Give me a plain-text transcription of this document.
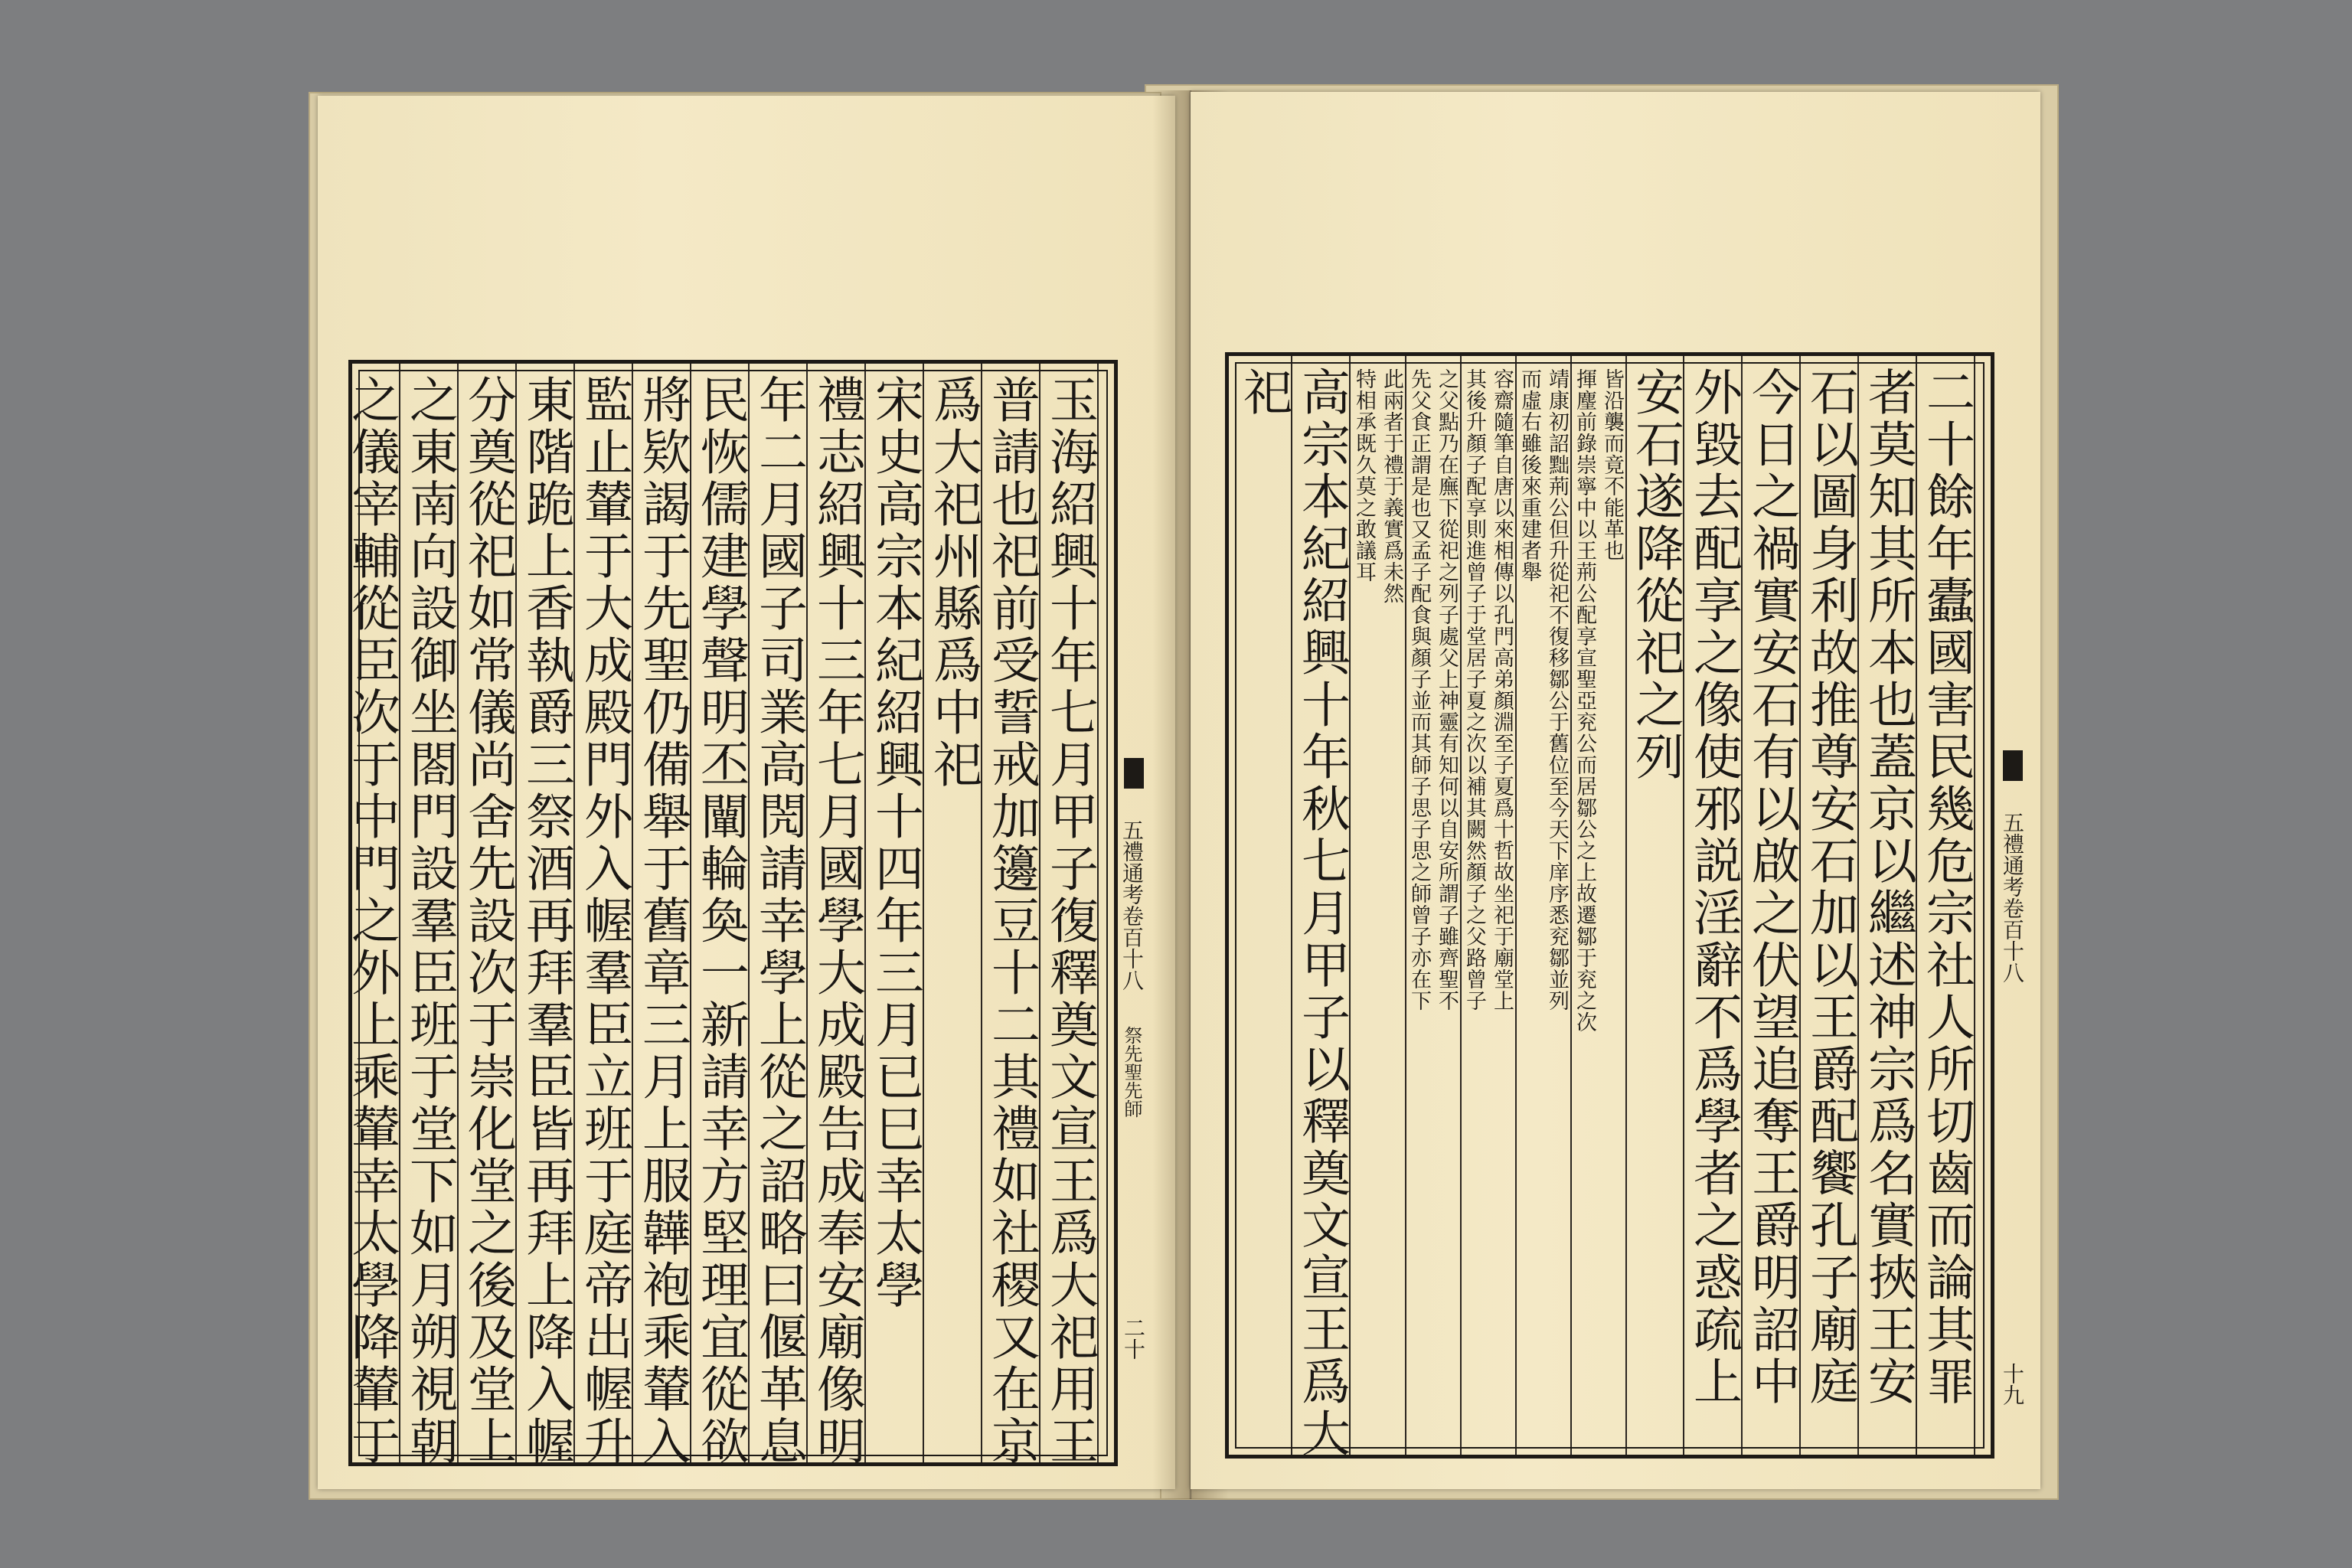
玉海紹興十年七月甲子復釋奠文宣王爲大祀用王
普請也祀前受誓戒加籩豆十二其禮如社稷又在京
爲大祀州縣爲中祀
宋史高宗本紀紹興十四年三月已巳幸太學
禮志紹興十三年七月國學大成殿告成奉安廟像明
年二月國子司業高閌請幸學上從之詔略曰偃革息
民恢儒建學聲明丕闡輪奐一新請幸方堅理宜從欲
將欵謁于先聖仍備舉于舊章三月上服韡袍乘輦入
監止輦于大成殿門外入幄羣臣立班于庭帝出幄升
東階跪上香執爵三祭酒再拜羣臣皆再拜上降入幄
分奠從祀如常儀尚舍先設次于崇化堂之後及堂上
之東南向設御坐閤門設羣臣班于堂下如月朔視朝
之儀宰輔從臣次于中門之外上乘輦幸太學降輦于	五禮通考卷百十八
祭先聖先師
二十
五禮通考卷百十八
十九
二十餘年蠹國害民幾危宗社人所切齒而論其罪
者莫知其所本也蓋京以繼述神宗爲名實挾王安
石以圖身利故推尊安石加以王爵配饗孔子廟庭
今日之禍實安石有以啟之伏望追奪王爵明詔中
外毀去配享之像使邪説淫辭不爲學者之惑疏上
安石遂降從祀之列
皆沿襲而竟不能革也
揮麈前錄崇寧中以王荊公配享宣聖亞兖公而居鄒公之上故遷鄒于兖之次
靖康初詔黜荊公但升從祀不復移鄒公于舊位至今天下庠序悉兖鄒並列
而虛右雖後來重建者舉
容齋隨筆自唐以來相傳以孔門高弟顏淵至子夏爲十哲故坐祀于廟堂上
其後升顏子配享則進曾子于堂居子夏之次以補其闕然顏子之父路曾子
之父點乃在廡下從祀之列子處父上神靈有知何以自安所謂子雖齊聖不
先父食正謂是也又孟子配食與顏子並而其師子思子思之師曾子亦在下
此兩者于禮于義實爲未然
特相承既久莫之敢議耳
高宗本紀紹興十年秋七月甲子以釋奠文宣王爲大
祀
